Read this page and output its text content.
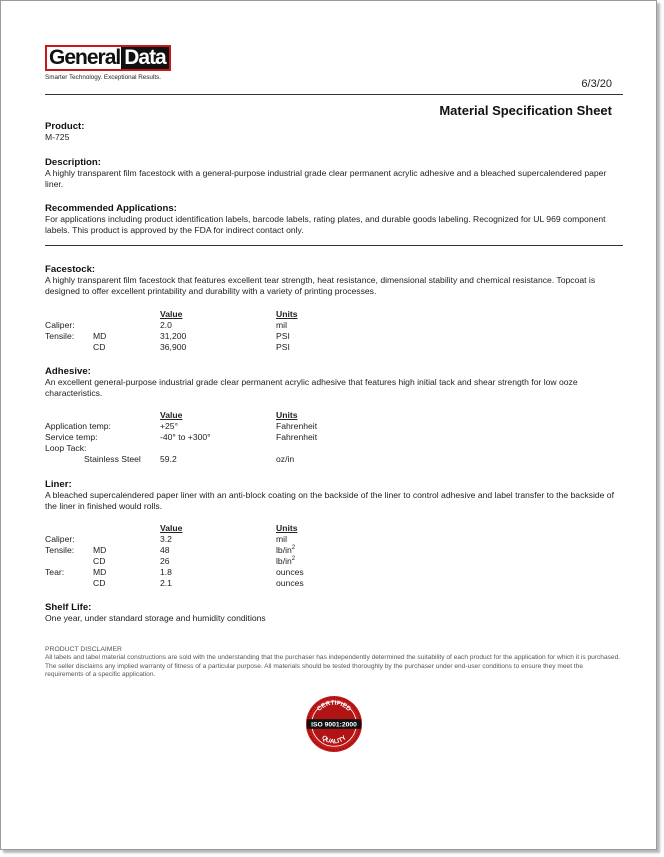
General Data
Smarter Technology. Exceptional Results.
6/3/20
Material Specification Sheet
Product:

M-725

Description:

A highly transparent film facestock with a general-purpose industrial grade clear permanent acrylic adhesive and a bleached supercalendered paper liner.

Recommended Applications:

For applications including product identification labels, barcode labels, rating plates, and durable goods labeling. Recognized for UL 969 component labels. This product is approved by the FDA for indirect contact only.

Facestock:

A highly transparent film facestock that features excellent tear strength, heat resistance, dimensional stability and chemical resistance. Topcoat is designed to offer excellent printability and durability with a variety of printing processes.

Value	Units
Caliper:	2.0	mil
Tensile: MD	31,200	PSI
CD	36,900	PSI
Adhesive:

An excellent general-purpose industrial grade clear permanent acrylic adhesive that features high initial tack and shear strength for low ooze characteristics.

Value	Units
Application temp:	+25°	Fahrenheit
Service temp:	-40° to +300°	Fahrenheit
Loop Tack:
Stainless Steel 59.2	oz/in
Liner:

A bleached supercalendered paper liner with an anti-block coating on the backside of the liner to control adhesive and label transfer to the backside of the liner in finished would rolls.

Value	Units
Caliper:	3.2	mil
Tensile: MD	48	$lb/in^2$
CD	26	$lb/in^2$
Tear:	MD	1.8	ounces
CD	2.1	ounces
Shelf Life:

One year, under standard storage and humidity conditions

PRODUCT DISCLAIMER
All labels and label material constructions are sold with the understanding that the purchaser has independently determined the suitability of each product for the application for which it is purchased. The seller disclaims any implied warranty of fitness of a particular purpose. All materials should be tested thoroughly by the purchaser under end-user conditions to ensure they meet the requirements of a specific application.
CERTIFIED
ISO 9001:2000
QUALITY
